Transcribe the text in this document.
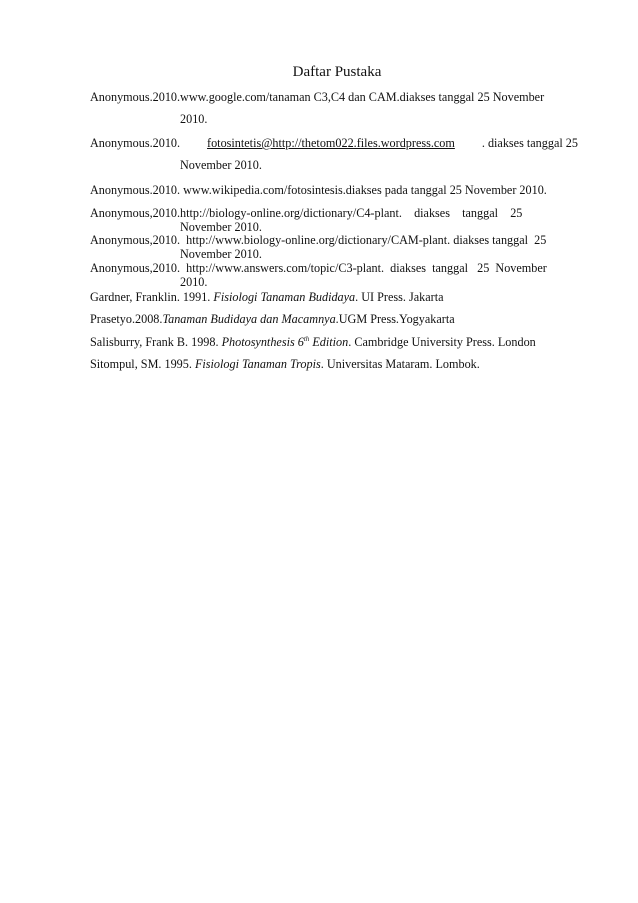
Daftar Pustaka
Anonymous.2010.www.google.com/tanaman C3,C4 dan CAM.diakses tanggal 25 November
2010.
Anonymous.2010. fotosintetis@http://thetom022.files.wordpress.com . diakses tanggal 25
November 2010.
Anonymous.2010. www.wikipedia.com/fotosintesis.diakses pada tanggal 25 November 2010.
Anonymous,2010.http://biology-online.org/dictionary/C4-plant.    diakses    tanggal    25
November 2010.
Anonymous,2010.  http://www.biology-online.org/dictionary/CAM-plant. diakses tanggal  25
November 2010.
Anonymous,2010.  http://www.answers.com/topic/C3-plant.  diakses  tanggal   25  November
2010.
Gardner, Franklin. 1991. Fisiologi Tanaman Budidaya. UI Press. Jakarta
Prasetyo.2008.Tanaman Budidaya dan Macamnya.UGM Press.Yogyakarta
Salisburry, Frank B. 1998. Photosynthesis 6th Edition. Cambridge University Press. London
Sitompul, SM. 1995. Fisiologi Tanaman Tropis. Universitas Mataram. Lombok.
